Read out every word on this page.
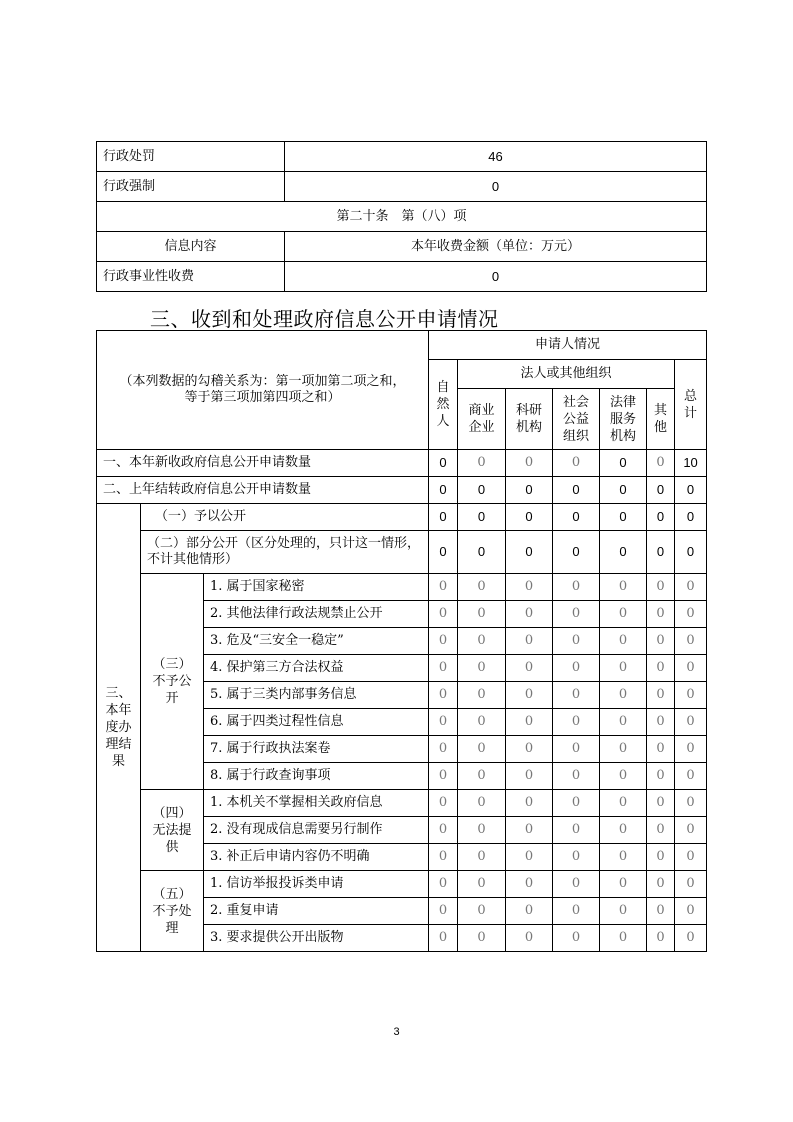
行政处罚	46
行政强制	0
第二十条　第（八）项	
信息内容	本年收费金额（单位：万元）
行政事业性收费	0
三、收到和处理政府信息公开申请情况
（本列数据的勾稽关系为：第一项加第二项之和，等于第三项加第四项之和）			申请人情况						
			自然人	法人或其他组织					总计
				商业企业	科研机构	社会公益组织	法律服务机构	其他	
一、本年新收政府信息公开申请数量			0	0	0	0	0	0	10
二、上年结转政府信息公开申请数量			0	0	0	0	0	0	0
三、本年度办理结果	（一）予以公开		0	0	0	0	0	0	0
	（二）部分公开（区分处理的，只计这一情形，不计其他情形）		0	0	0	0	0	0	0
	（三）不予公开	1. 属于国家秘密	0	0	0	0	0	0	0
		2. 其他法律行政法规禁止公开	0	0	0	0	0	0	0
		3. 危及“三安全一稳定”	0	0	0	0	0	0	0
		4. 保护第三方合法权益	0	0	0	0	0	0	0
		5. 属于三类内部事务信息	0	0	0	0	0	0	0
		6. 属于四类过程性信息	0	0	0	0	0	0	0
		7. 属于行政执法案卷	0	0	0	0	0	0	0
		8. 属于行政查询事项	0	0	0	0	0	0	0
	（四）无法提供	1. 本机关不掌握相关政府信息	0	0	0	0	0	0	0
		2. 没有现成信息需要另行制作	0	0	0	0	0	0	0
		3. 补正后申请内容仍不明确	0	0	0	0	0	0	0
	（五）不予处理	1. 信访举报投诉类申请	0	0	0	0	0	0	0
		2. 重复申请	0	0	0	0	0	0	0
		3. 要求提供公开出版物	0	0	0	0	0	0	0
3
